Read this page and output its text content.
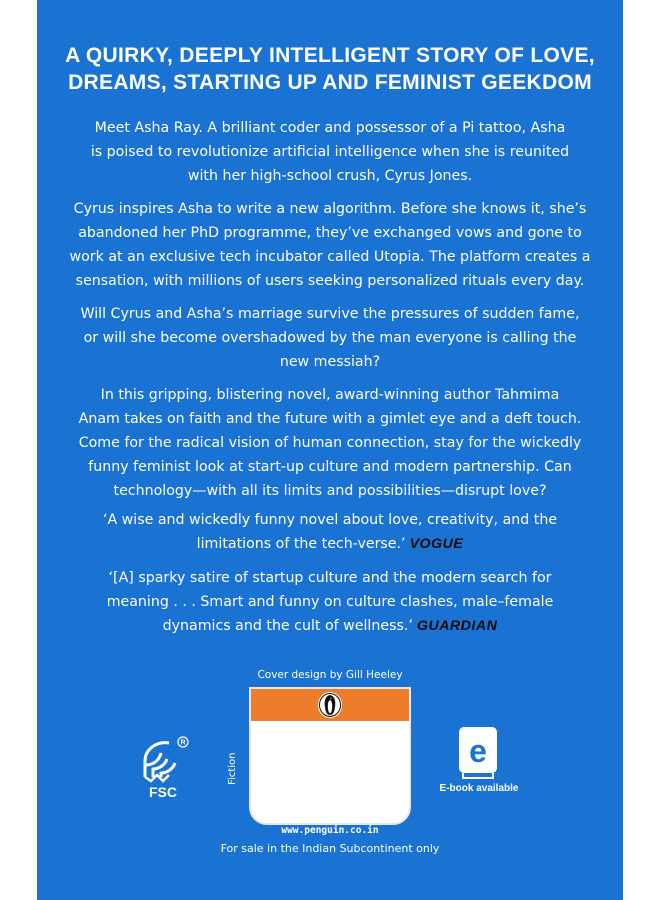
A QUIRKY, DEEPLY INTELLIGENT STORY OF LOVE,
DREAMS, STARTING UP AND FEMINIST GEEKDOM

Meet Asha Ray. A brilliant coder and possessor of a Pi tattoo, Asha
is poised to revolutionize artificial intelligence when she is reunited
with her high-school crush, Cyrus Jones.

Cyrus inspires Asha to write a new algorithm. Before she knows it, she’s
abandoned her PhD programme, they’ve exchanged vows and gone to
work at an exclusive tech incubator called Utopia. The platform creates a
sensation, with millions of users seeking personalized rituals every day.

Will Cyrus and Asha’s marriage survive the pressures of sudden fame,
or will she become overshadowed by the man everyone is calling the
new messiah?

In this gripping, blistering novel, award-winning author Tahmima
Anam takes on faith and the future with a gimlet eye and a deft touch.
Come for the radical vision of human connection, stay for the wickedly
funny feminist look at start-up culture and modern partnership. Can
technology—with all its limits and possibilities—disrupt love?

‘A wise and wickedly funny novel about love, creativity, and the
limitations of the tech-verse.’ VOGUE

‘[A] sparky satire of startup culture and the modern search for
meaning . . . Smart and funny on culture clashes, male–female
dynamics and the cult of wellness.’ GUARDIAN

Cover design by Gill Heeley
Fiction
www.penguin.co.in
For sale in the Indian Subcontinent only
R
FSC
e
E-book available
